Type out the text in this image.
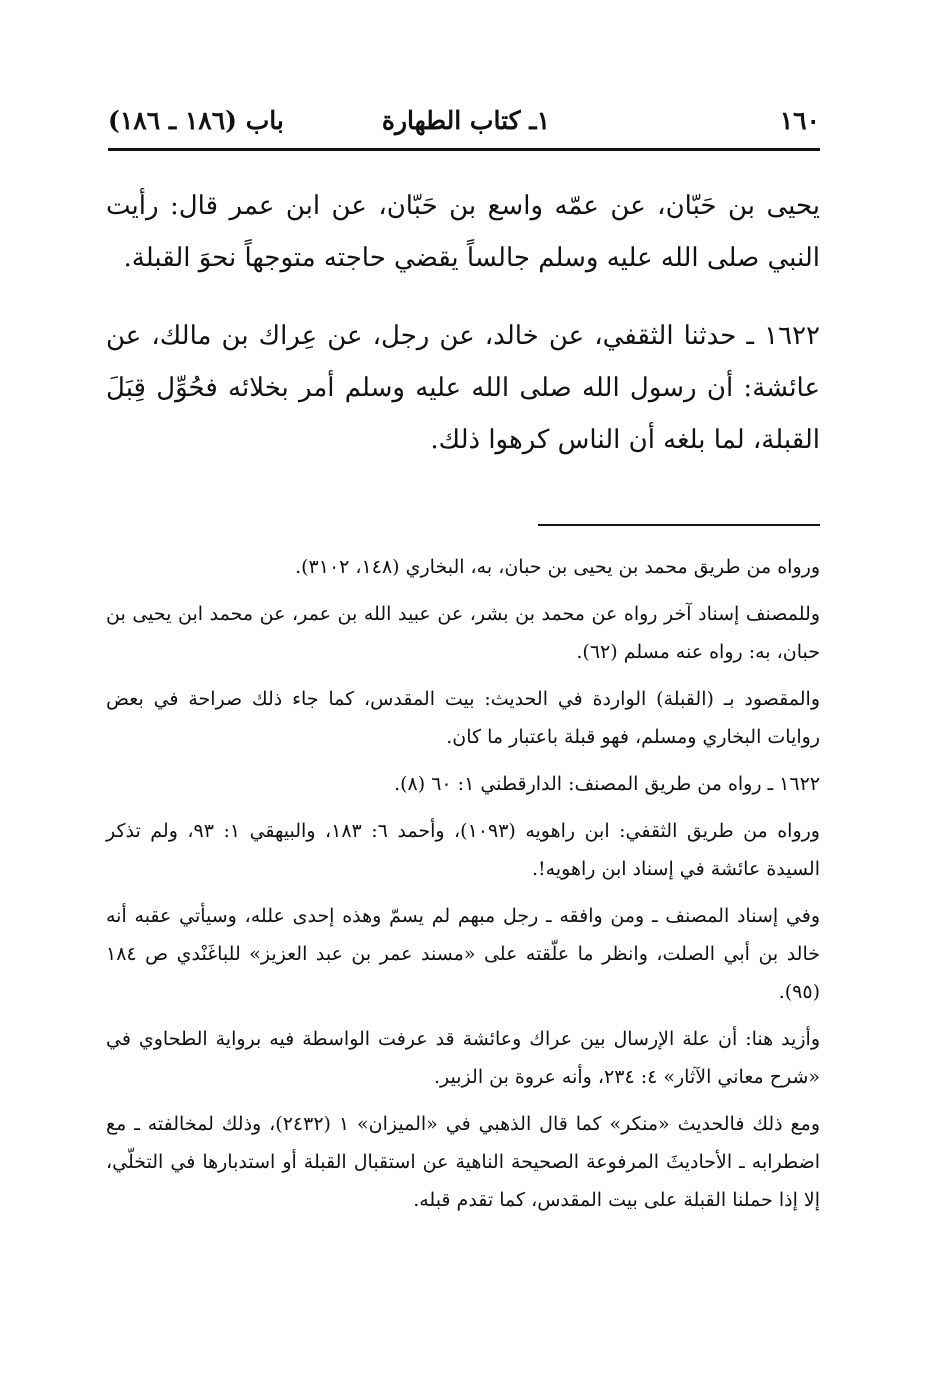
١٦٠
١ـ كتاب الطهارة
باب (١٨٦ ـ ١٨٦)

يحيى بن حَبّان، عن عمّه واسع بن حَبّان، عن ابن عمر قال: رأيت النبي صلى الله عليه وسلم جالساً يقضي حاجته متوجهاً نحوَ القبلة.

١٦٢٢ ـ حدثنا الثقفي، عن خالد، عن رجل، عن عِراك بن مالك، عن عائشة: أن رسول الله صلى الله عليه وسلم أمر بخلائه فحُوِّل قِبَلَ القبلة، لما بلغه أن الناس كرهوا ذلك.

ورواه من طريق محمد بن يحيى بن حبان، به، البخاري (١٤٨، ٣١٠٢).

وللمصنف إسناد آخر رواه عن محمد بن بشر، عن عبيد الله بن عمر، عن محمد ابن يحيى بن حبان، به: رواه عنه مسلم (٦٢).

والمقصود بـ (القبلة) الواردة في الحديث: بيت المقدس، كما جاء ذلك صراحة في بعض روايات البخاري ومسلم، فهو قبلة باعتبار ما كان.

١٦٢٢ ـ رواه من طريق المصنف: الدارقطني ١: ٦٠ (٨).

ورواه من طريق الثقفي: ابن راهويه (١٠٩٣)، وأحمد ٦: ١٨٣، والبيهقي ١: ٩٣، ولم تذكر السيدة عائشة في إسناد ابن راهويه!.

وفي إسناد المصنف ـ ومن وافقه ـ رجل مبهم لم يسمّ وهذه إحدى علله، وسيأتي عقبه أنه خالد بن أبي الصلت، وانظر ما علّقته على «مسند عمر بن عبد العزيز» للباغَنْدي ص ١٨٤ (٩٥).

وأزيد هنا: أن علة الإرسال بين عراك وعائشة قد عرفت الواسطة فيه برواية الطحاوي في «شرح معاني الآثار» ٤: ٢٣٤، وأنه عروة بن الزبير.

ومع ذلك فالحديث «منكر» كما قال الذهبي في «الميزان» ١ (٢٤٣٢)، وذلك لمخالفته ـ مع اضطرابه ـ الأحاديثَ المرفوعة الصحيحة الناهية عن استقبال القبلة أو استدبارها في التخلّي، إلا إذا حملنا القبلة على بيت المقدس، كما تقدم قبله.
